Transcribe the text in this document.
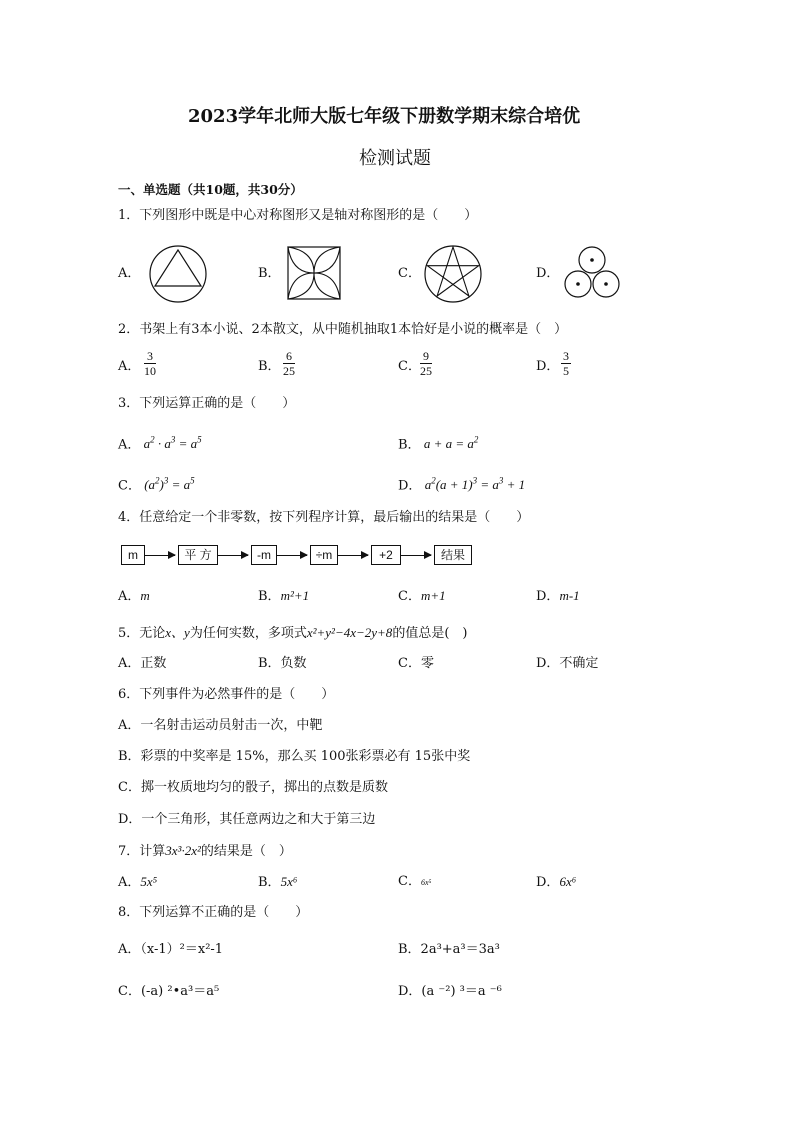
2023学年北师大版七年级下册数学期末综合培优
检测试题
一、单选题（共10题，共30分）
1．下列图形中既是中心对称图形又是轴对称图形的是（　　）
A．	B．	C．	D．
2．书架上有3本小说、2本散文，从中随机抽取1本恰好是小说的概率是（　）
A． $\frac{3}{10}$	B． $\frac{6}{25}$	C． $\frac{9}{25}$	D． $\frac{3}{5}$
3．下列运算正确的是（　　）
A． $a^2 \cdot a^3 = a^5$	B． $a + a = a^2$
C． $(a^2)^3 = a^5$	D． $a^2(a + 1)^3 = a^3 + 1$
4．任意给定一个非零数，按下列程序计算，最后输出的结果是（　　）
m	平 方	-m	÷m	+2	结果
A．m	B．m²+1	C．m+1	D．m-1
5．无论x、y为任何实数，多项式x²+y²−4x−2y+8的值总是(　)
A．正数	B．负数	C．零	D．不确定
6．下列事件为必然事件的是（　　）
A．一名射击运动员射击一次，中靶
B．彩票的中奖率是 15%，那么买 100张彩票必有 15张中奖
C．掷一枚质地均匀的骰子，掷出的点数是质数
D．一个三角形，其任意两边之和大于第三边
7．计算3x³·2x²的结果是（　）
A．5x⁵	B．5x⁶	C．6x⁵	D．6x⁶
8．下列运算不正确的是（　　）
A．（x-1）²＝x²-1	B．2a³+a³＝3a³
C．(-a) ²•a³＝a⁵	D．(a ⁻²) ³＝a ⁻⁶
